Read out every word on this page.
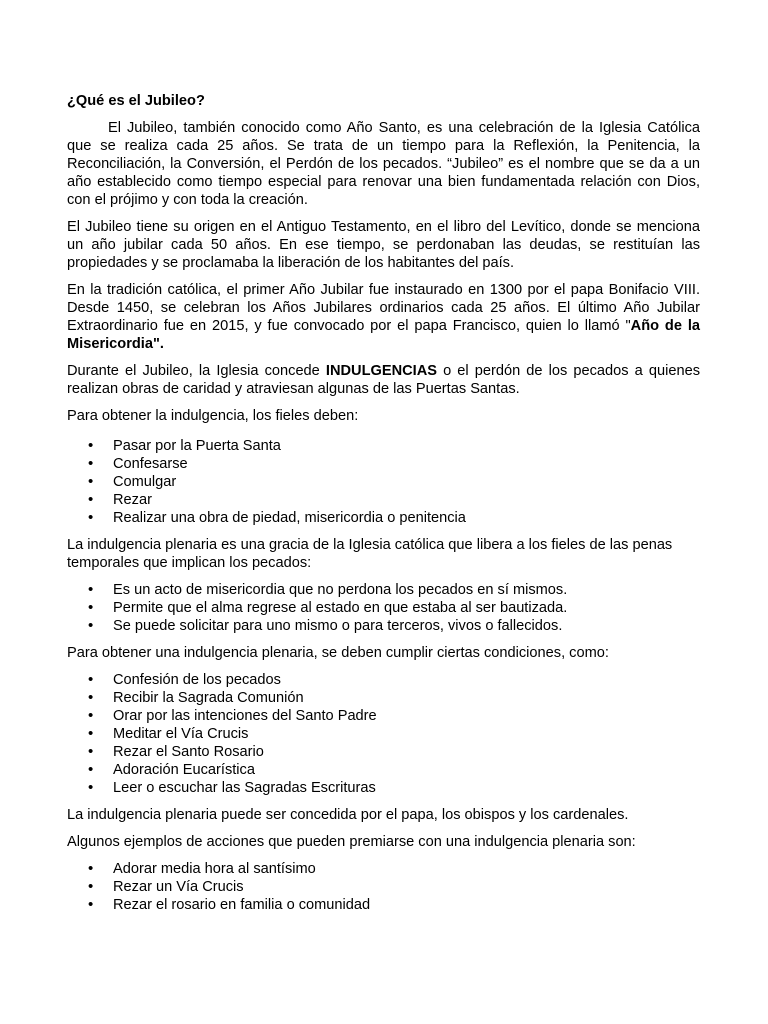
¿Qué es el Jubileo?

El Jubileo, también conocido como Año Santo, es una celebración de la Iglesia Católica que se realiza cada 25 años. Se trata de un tiempo para la Reflexión, la Penitencia, la Reconciliación, la Conversión, el Perdón de los pecados. “Jubileo” es el nombre que se da a un año establecido como tiempo especial para renovar una bien fundamentada relación con Dios, con el prójimo y con toda la creación.

El Jubileo tiene su origen en el Antiguo Testamento, en el libro del Levítico, donde se menciona un año jubilar cada 50 años. En ese tiempo, se perdonaban las deudas, se restituían las propiedades y se proclamaba la liberación de los habitantes del país.

En la tradición católica, el primer Año Jubilar fue instaurado en 1300 por el papa Bonifacio VIII. Desde 1450, se celebran los Años Jubilares ordinarios cada 25 años. El último Año Jubilar Extraordinario fue en 2015, y fue convocado por el papa Francisco, quien lo llamó "Año de la Misericordia".

Durante el Jubileo, la Iglesia concede INDULGENCIAS o el perdón de los pecados a quienes realizan obras de caridad y atraviesan algunas de las Puertas Santas.

Para obtener la indulgencia, los fieles deben:

• Pasar por la Puerta Santa
• Confesarse
• Comulgar
• Rezar
• Realizar una obra de piedad, misericordia o penitencia

La indulgencia plenaria es una gracia de la Iglesia católica que libera a los fieles de las penas temporales que implican los pecados:

• Es un acto de misericordia que no perdona los pecados en sí mismos.
• Permite que el alma regrese al estado en que estaba al ser bautizada.
• Se puede solicitar para uno mismo o para terceros, vivos o fallecidos.

Para obtener una indulgencia plenaria, se deben cumplir ciertas condiciones, como:

• Confesión de los pecados
• Recibir la Sagrada Comunión
• Orar por las intenciones del Santo Padre
• Meditar el Vía Crucis
• Rezar el Santo Rosario
• Adoración Eucarística
• Leer o escuchar las Sagradas Escrituras

La indulgencia plenaria puede ser concedida por el papa, los obispos y los cardenales.

Algunos ejemplos de acciones que pueden premiarse con una indulgencia plenaria son:

• Adorar media hora al santísimo
• Rezar un Vía Crucis
• Rezar el rosario en familia o comunidad
